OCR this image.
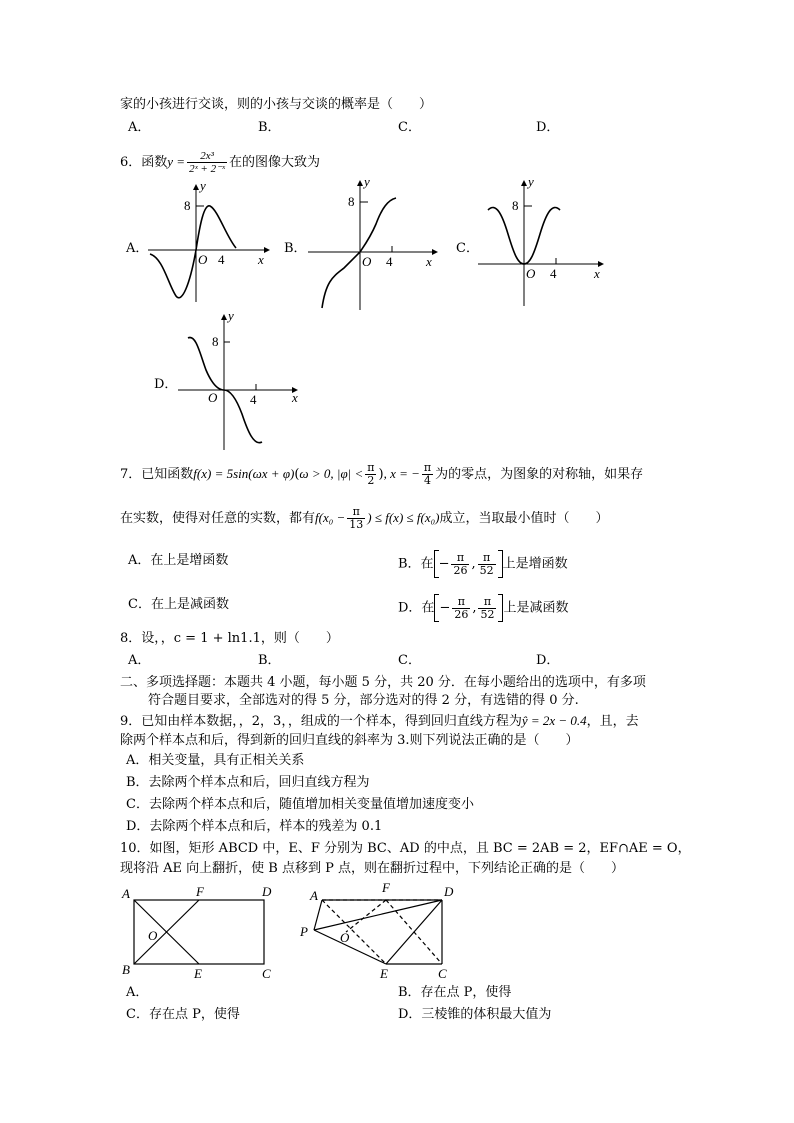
家的小孩进行交谈，则的小孩与交谈的概率是（　　）
A．	B．	C．	D．
6．函数$y = \frac{\text{2x³}}{\text{2ˣ + 2⁻ˣ}}$ 在的图像大致为
A．
y
8
O 4	x
B．
y
8
O 4	x
C．
y
8
O 4	x
D．
y
8
O	4	x
7．已知函数f(x) = 5sin(ωx + φ)(ω > 0, $|\varphi| < \frac{\pi}{2}$ ), x = − $\frac{\pi}{4}$ 为的零点，为图象的对称轴，如果存
在实数，使得对任意的实数，都有$f(x_0 - \frac{\pi}{13}$ ) ≤ f(x) ≤ f(x₀)成立，当取最小值时（　　）
A．在上是增函数	B．在 − $\frac{\pi}{26}$ , $\frac{\pi}{52}$ 上是增函数
C．在上是减函数	D．在 − $\frac{\pi}{26}$ , $\frac{\pi}{52}$ 上是减函数
8．设，，c = 1 + ln1.1，则（　　）
A．	B．	C．	D．
二、多项选择题：本题共 4 小题，每小题 5 分，共 20 分．在每小题给出的选项中，有多项
符合题目要求，全部选对的得 5 分，部分选对的得 2 分，有选错的得 0 分.
9．已知由样本数据，，2，3，，组成的一个样本，得到回归直线方程为ŷ = 2x − 0.4，且，去
除两个样本点和后，得到新的回归直线的斜率为 3.则下列说法正确的是（　　）
A．相关变量，具有正相关关系
B．去除两个样本点和后，回归直线方程为
C．去除两个样本点和后，随值增加相关变量值增加速度变小
D．去除两个样本点和后，样本的残差为 0.1
10．如图，矩形 ABCD 中，E、F 分别为 BC、AD 的中点，且 BC = 2AB = 2，EF∩AE = O，
现将沿 AE 向上翻折，使 B 点移到 P 点，则在翻折过程中，下列结论正确的是（　　）
A	F	D
O
B	E	C
A
F	D
O
P
E	C
A．	B．存在点 P，使得
C．存在点 P，使得	D．三棱锥的体积最大值为
